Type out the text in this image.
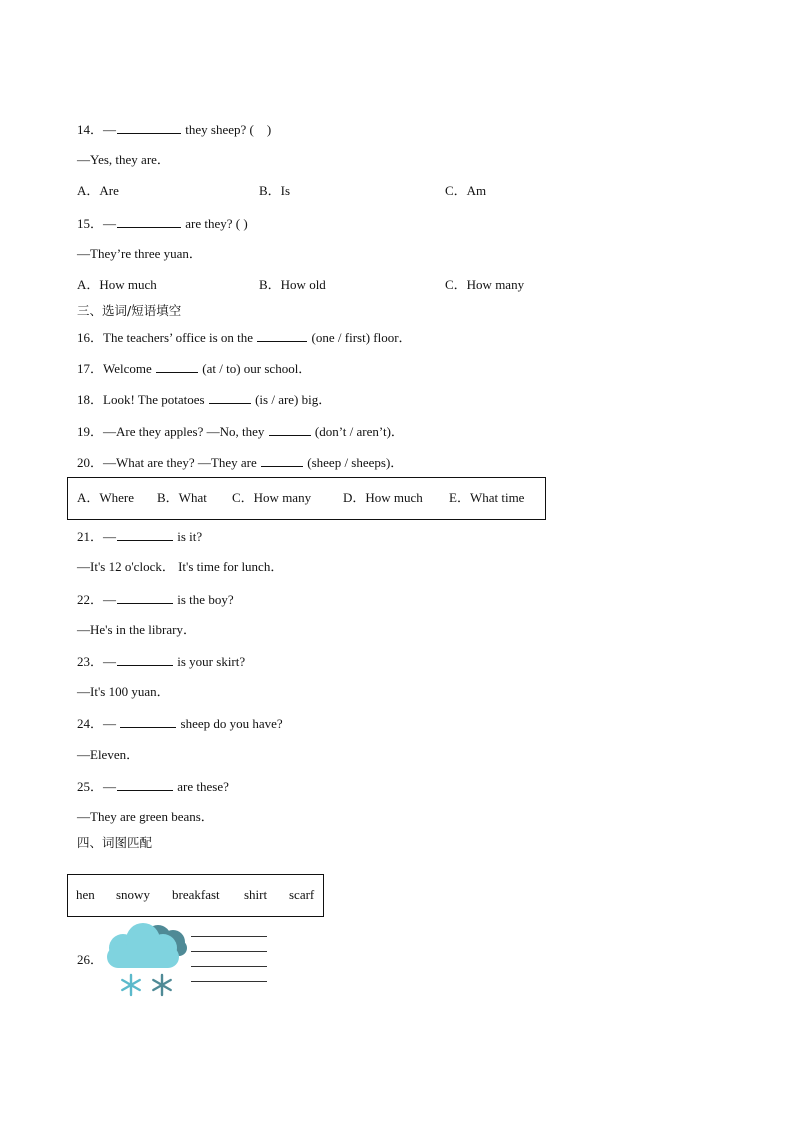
14．—	they sheep? (　)
—Yes, they are．
A．Are	B．Is	C．Am
15．—	are they? ( )
—They’re three yuan．
A．How much	B．How old	C．How many
三、选词/短语填空
16．The teachers’ office is on the	(one / first) floor．
17．Welcome	(at / to) our school．
18．Look! The potatoes	(is / are) big．
19．—Are they apples? —No, they	(don’t / aren’t)．
20．—What are they? —They are	(sheep / sheeps)．
A．Where B．What C．How many D．How much E．What time
21．—	is it?
—It's 12 o'clock． It's time for lunch．
22．—	is the boy?
—He's in the library．
23．—	is your skirt?
—It's 100 yuan．
24．—	sheep do you have?
—Eleven．
25．—	are these?
—They are green beans．
四、词图匹配
hen snowy breakfast shirt scarf
26．
